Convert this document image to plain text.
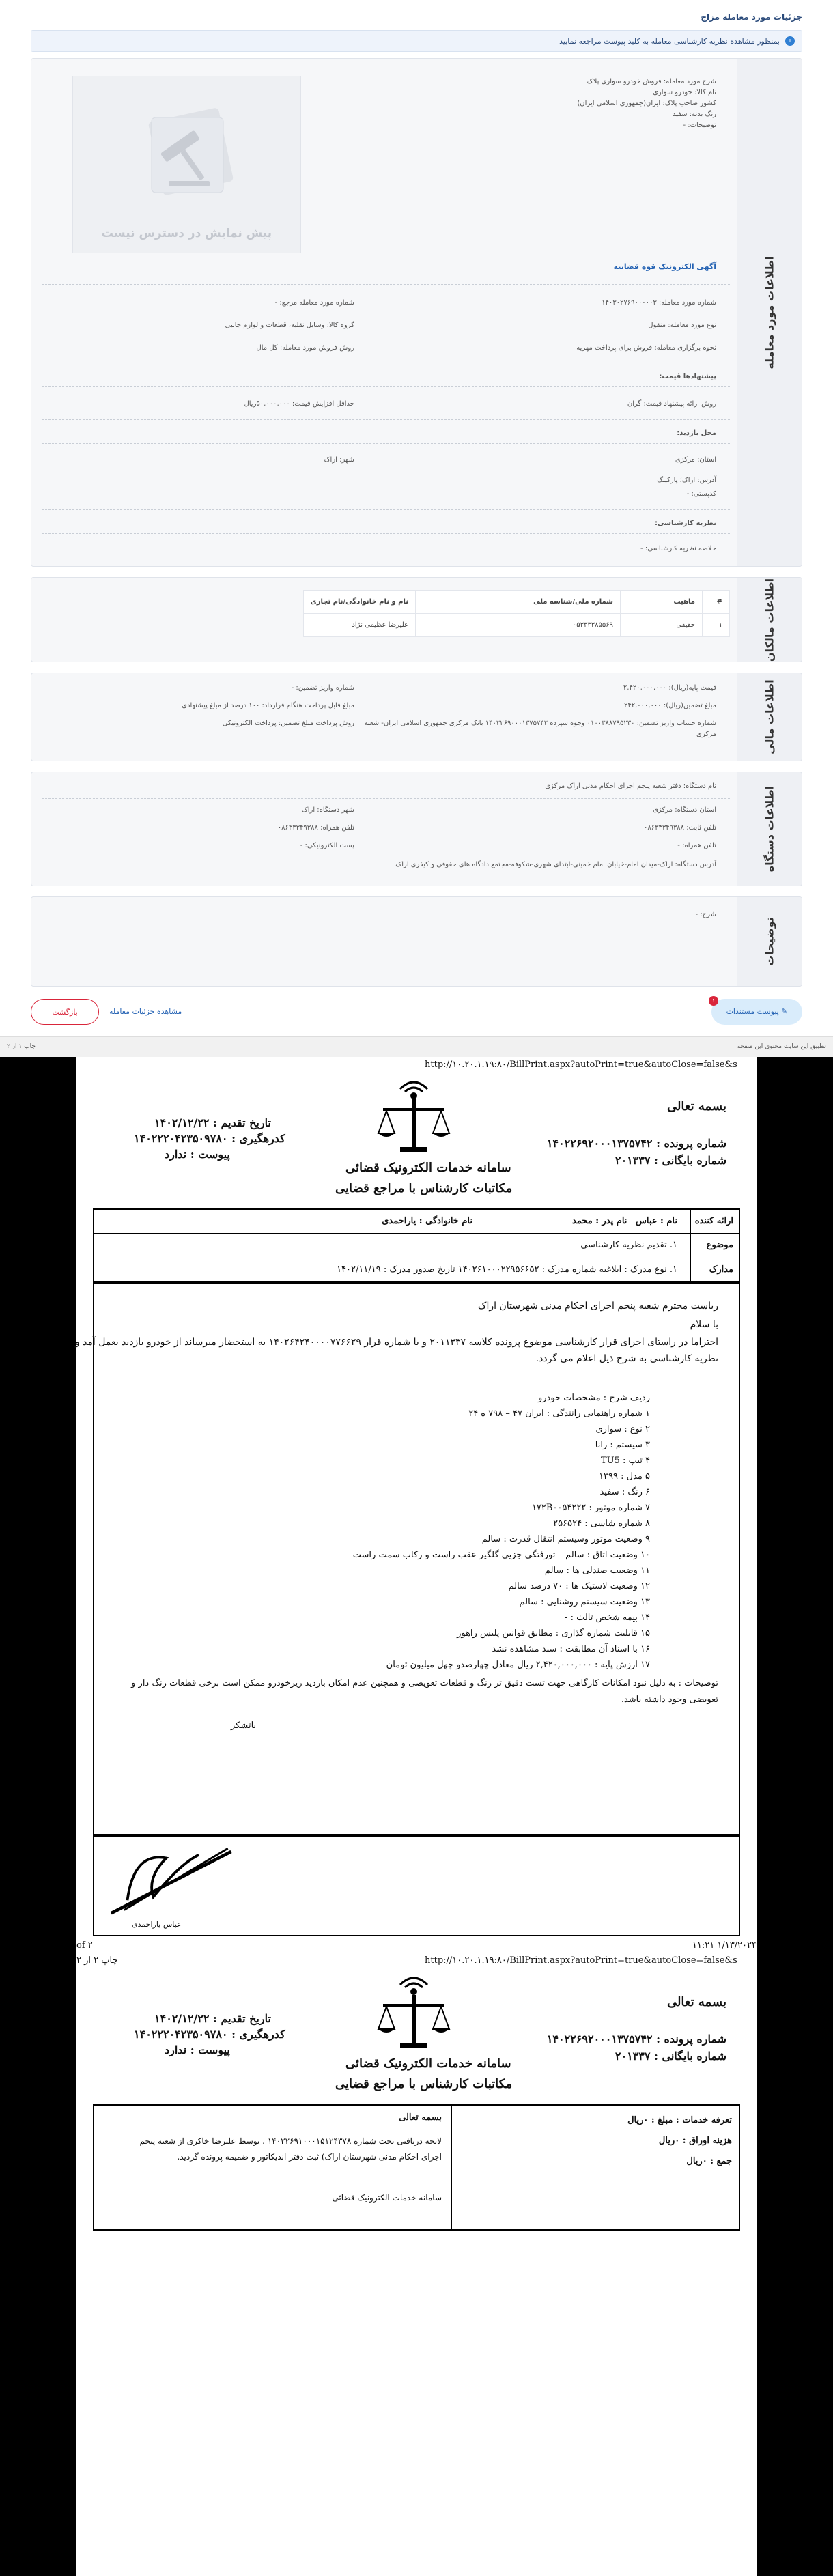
جزئیات مورد معامله مزاج
i
بمنظور مشاهده نظریه کارشناسی معامله به کلید پیوست مراجعه نمایید
اطلاعات مورد معامله
شرح مورد معامله: فروش خودرو سواری پلاک
نام کالا: خودرو سواری
کشور صاحب پلاک: ایران(جمهوری اسلامی ایران)
رنگ بدنه: سفید
توضیحات: -
پیش نمایش در دسترس نیست
آگهی الکترونیک قوه قضاییه
شماره مورد معامله: ۱۴۰۳۰۲۷۶۹۰۰۰۰۰۳
شماره مورد معامله مرجع: -
نوع مورد معامله: منقول
گروه کالا: وسایل نقلیه، قطعات و لوازم جانبی
نحوه برگزاری معامله: فروش برای پرداخت مهریه
روش فروش مورد معامله: کل مال
پیشنهادها قیمت:
روش ارائه پیشنهاد قیمت: گران
حداقل افزایش قیمت: ۵۰,۰۰۰,۰۰۰ریال
محل بازدید:
استان: مرکزی
شهر: اراک
آدرس: اراک؛ پارکینگ
کدپستی: -
نظریه کارشناسی:
خلاصه نظریه کارشناسی: -
اطلاعات مالکان
#	ماهیت	شماره ملی/شناسه ملی	نام و نام خانوادگی/نام تجاری
۱	حقیقی	۰۵۳۳۳۳۸۵۵۶۹	علیرضا عظیمی نژاد
اطلاعات مالی
قیمت پایه(ریال): ۲,۴۲۰,۰۰۰,۰۰۰
شماره واریز تضمین: -
مبلغ تضمین(ریال): ۲۴۲,۰۰۰,۰۰۰
مبلغ قابل پرداخت هنگام قرارداد: ۱۰۰ درصد از مبلغ پیشنهادی
شماره حساب واریز تضمین: ۰۱۰۰۳۸۸۷۹۵۲۳۰ وجوه سپرده ۱۴۰۲۲۶۹۰۰۰۱۳۷۵۷۴۲ بانک مرکزی جمهوری اسلامی ایران- شعبه
مرکزی
روش پرداخت مبلغ تضمین: پرداخت الکترونیکی
اطلاعات دستگاه
نام دستگاه: دفتر شعبه پنجم اجرای احکام مدنی اراک مرکزی
استان دستگاه: مرکزی
شهر دستگاه: اراک
تلفن ثابت: ۰۸۶۳۳۳۴۹۳۸۸
تلفن همراه: ۰۸۶۳۳۳۴۹۳۸۸
تلفن همراه: -
پست الکترونیکی: -
آدرس دستگاه: اراک-میدان امام-خیابان امام خمینی-ابتدای شهری-شکوفه-مجتمع دادگاه های حقوقی و کیفری اراک
توضیحات
شرح: -
✎ پیوست مستندات
۱
بازگشت	مشاهده جزئیات معامله
چاپ ۱ از ۲	تطبیق این سایت محتوی این صفحه
http://۱۰.۲۰.۱.۱۹:۸۰/BillPrint.aspx?autoPrint=true&autoClose=false&s
بسمه تعالی
شماره پرونده : ۱۴۰۲۲۶۹۲۰۰۰۱۳۷۵۷۴۲
شماره بایگانی : ۲۰۱۳۳۷
سامانه خدمات الکترونیک قضائی
مکاتبات کارشناس با مراجع قضایی
تاریخ تقدیم : ۱۴۰۲/۱۲/۲۲
کدرهگیری : ۱۴۰۲۲۲۰۴۲۳۵۰۹۷۸۰
پیوست : ندارد
ارائه کننده
نام : عباس
نام خانوادگی : یاراحمدی	نام پدر : محمد
موضوع
۱. تقدیم نظریه کارشناسی
مدارک
۱. نوع مدرک : ابلاغیه شماره مدرک : ۱۴۰۲۶۱۰۰۰۲۲۹۵۶۶۵۲ تاریخ صدور مدرک : ۱۴۰۲/۱۱/۱۹
ریاست محترم شعبه پنجم اجرای احکام مدنی شهرستان اراک
با سلام
احتراما در راستای اجرای قرار کارشناسی موضوع پرونده کلاسه ۲۰۱۱۳۳۷ و با شماره قرار ۱۴۰۲۶۴۲۴۰۰۰۰۷۷۶۶۲۹ به استحضار میرساند از خودرو بازدید بعمل آمد و
نظریه کارشناسی به شرح ذیل اعلام می گردد.
ردیف شرح : مشخصات خودرو
۱ شماره راهنمایی رانندگی : ایران ۴۷ – ۷۹۸ ه ۲۴
۲ نوع : سواری
۳ سیستم : رانا
۴ تیپ : TU5
۵ مدل : ۱۳۹۹
۶ رنگ : سفید
۷ شماره موتور : ۱۷۲B۰۰۵۴۲۲۲
۸ شماره شاسی : ۲۵۶۵۲۴
۹ وضعیت موتور وسیستم انتقال قدرت : سالم
۱۰ وضعیت اتاق : سالم – تورفتگی جزیی گلگیر عقب راست و رکاب سمت راست
۱۱ وضعیت صندلی ها : سالم
۱۲ وضعیت لاستیک ها : ۷۰ درصد سالم
۱۳ وضعیت سیستم روشنایی : سالم
۱۴ بیمه شخص ثالث : -
۱۵ قابلیت شماره گذاری : مطابق قوانین پلیس راهور
۱۶ با اسناد آن مطابقت : سند مشاهده نشد
۱۷ ارزش پایه : ۲,۴۲۰,۰۰۰,۰۰۰ ریال معادل چهارصدو چهل میلیون تومان
توضیحات : به دلیل نبود امکانات کارگاهی جهت تست دقیق تر رنگ و قطعات تعویضی و همچنین عدم امکان بازدید زیرخودرو ممکن است برخی قطعات رنگ دار و
تعویضی وجود داشته باشد.
باتشکر
عباس یاراحمدی
of ۲	۱۱:۲۱ ۱/۱۳/۲۰۲۴
چاپ ۲ از ۲	http://۱۰.۲۰.۱.۱۹:۸۰/BillPrint.aspx?autoPrint=true&autoClose=false&s
بسمه تعالی
شماره پرونده : ۱۴۰۲۲۶۹۲۰۰۰۱۳۷۵۷۴۲
شماره بایگانی : ۲۰۱۳۳۷
سامانه خدمات الکترونیک قضائی
مکاتبات کارشناس با مراجع قضایی
تاریخ تقدیم : ۱۴۰۲/۱۲/۲۲
کدرهگیری : ۱۴۰۲۲۲۰۴۲۳۵۰۹۷۸۰
پیوست : ندارد
تعرفه خدمات : مبلغ : ۰ریال
هزینه اوراق : ۰ریال
جمع : ۰ریال
بسمه تعالی
لایحه دریافتی تحت شماره ۱۴۰۲۲۶۹۱۰۰۰۱۵۱۲۴۳۷۸ ، توسط علیرضا خاکری از شعبه پنجم
اجرای احکام مدنی شهرستان اراک) ثبت دفتر اندیکاتور و ضمیمه پرونده گردید.
سامانه خدمات الکترونیک قضائی
